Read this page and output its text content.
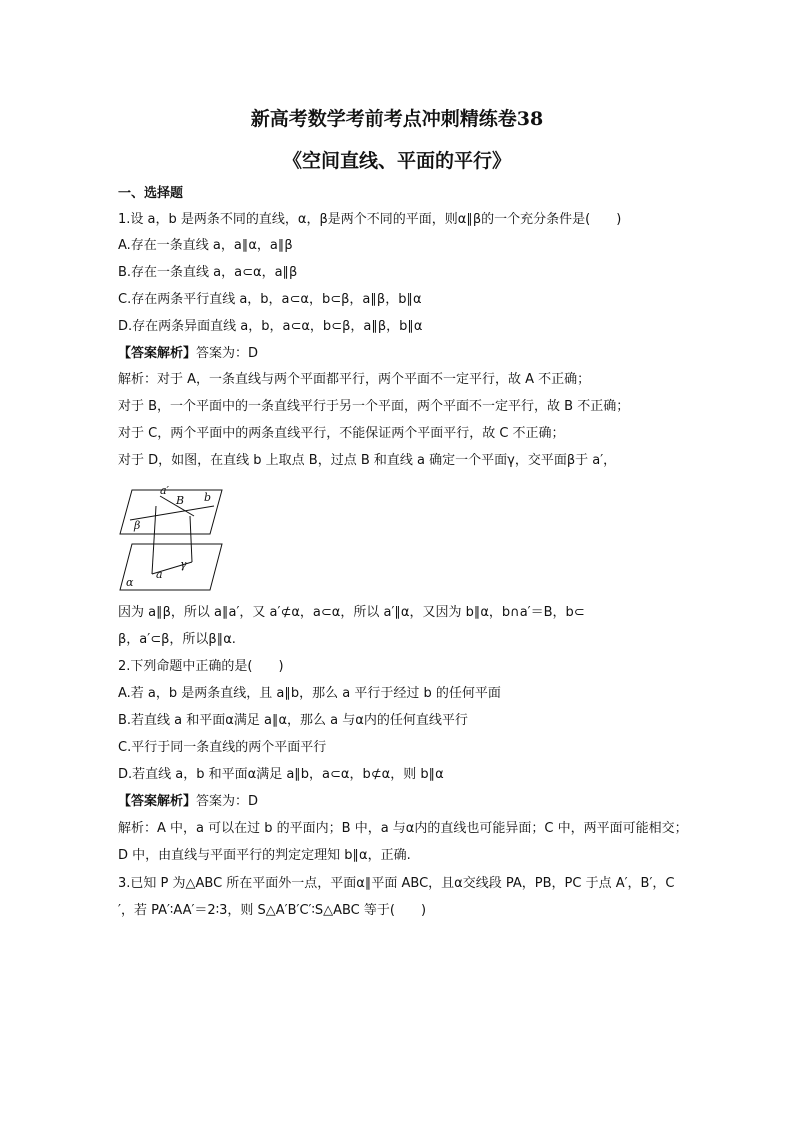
新高考数学考前考点冲刺精练卷38
《空间直线、平面的平行》
一、选择题
1.设 a，b 是两条不同的直线，α，β是两个不同的平面，则α∥β的一个充分条件是(　　)
A.存在一条直线 a，a∥α，a∥β
B.存在一条直线 a，a⊂α，a∥β
C.存在两条平行直线 a，b，a⊂α，b⊂β，a∥β，b∥α
D.存在两条异面直线 a，b，a⊂α，b⊂β，a∥β，b∥α
【答案解析】答案为：D
解析：对于 A，一条直线与两个平面都平行，两个平面不一定平行，故 A 不正确；
对于 B，一个平面中的一条直线平行于另一个平面，两个平面不一定平行，故 B 不正确；
对于 C，两个平面中的两条直线平行，不能保证两个平面平行，故 C 不正确；
对于 D，如图，在直线 b 上取点 B，过点 B 和直线 a 确定一个平面γ，交平面β于 a′，
a′
B b
β
γ
a
α
因为 a∥β，所以 a∥a′，又 a′⊄α，a⊂α，所以 a′∥α，又因为 b∥α，b∩a′＝B，b⊂
β，a′⊂β，所以β∥α.
2.下列命题中正确的是(　　)
A.若 a，b 是两条直线，且 a∥b，那么 a 平行于经过 b 的任何平面
B.若直线 a 和平面α满足 a∥α，那么 a 与α内的任何直线平行
C.平行于同一条直线的两个平面平行
D.若直线 a，b 和平面α满足 a∥b，a⊂α，b⊄α，则 b∥α
【答案解析】答案为：D
解析：A 中，a 可以在过 b 的平面内；B 中，a 与α内的直线也可能异面；C 中，两平面可能相交；
D 中，由直线与平面平行的判定定理知 b∥α，正确.
3.已知 P 为△ABC 所在平面外一点，平面α∥平面 ABC，且α交线段 PA，PB，PC 于点 A′，B′，C
′，若 PA′∶AA′＝2∶3，则 S△A′B′C′∶S△ABC 等于(　　)
